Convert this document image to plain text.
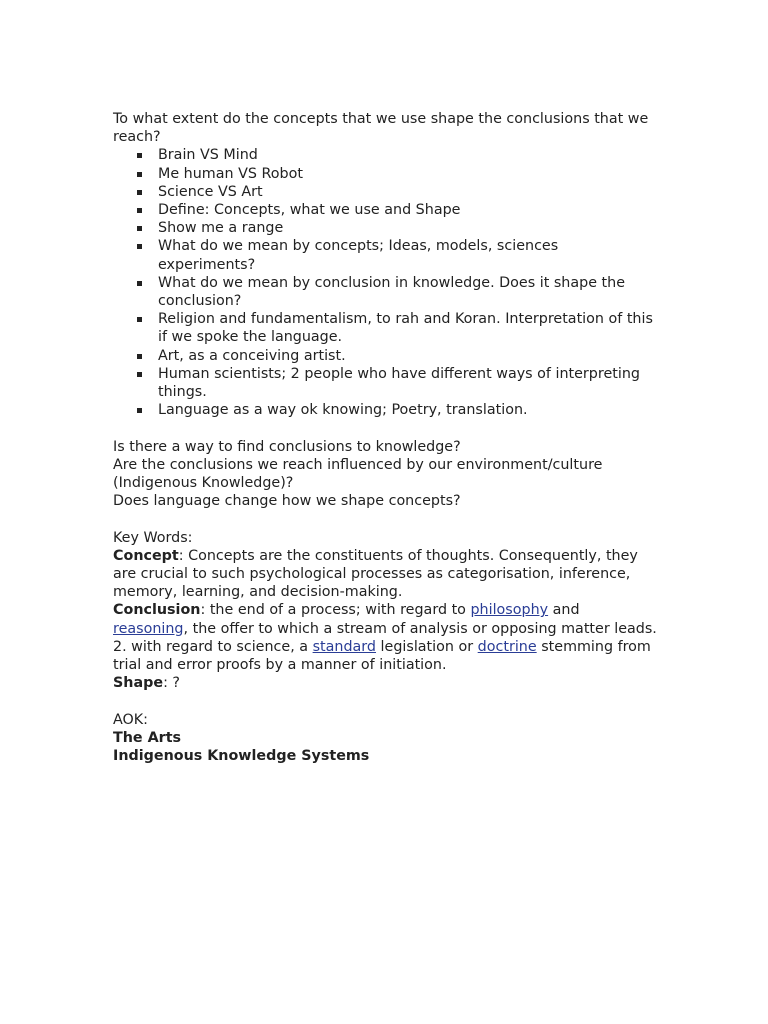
To what extent do the concepts that we use shape the conclusions that we reach?

Brain VS Mind
Me human VS Robot
Science VS Art
Define: Concepts, what we use and Shape
Show me a range
What do we mean by concepts; Ideas, models, sciences experiments?
What do we mean by conclusion in knowledge. Does it shape the conclusion?
Religion and fundamentalism, to rah and Koran. Interpretation of this if we spoke the language.
Art, as a conceiving artist.
Human scientists; 2 people who have different ways of interpreting things.
Language as a way ok knowing; Poetry, translation.

Is there a way to find conclusions to knowledge?

Are the conclusions we reach influenced by our environment/culture (Indigenous Knowledge)?

Does language change how we shape concepts?

Key Words:

Concept: Concepts are the constituents of thoughts. Consequently, they are crucial to such psychological processes as categorisation, inference, memory, learning, and decision-making.

Conclusion: the end of a process; with regard to philosophy and reasoning, the offer to which a stream of analysis or opposing matter leads. 2. with regard to science, a standard legislation or doctrine stemming from trial and error proofs by a manner of initiation.

Shape: ?

AOK:

The Arts

Indigenous Knowledge Systems
